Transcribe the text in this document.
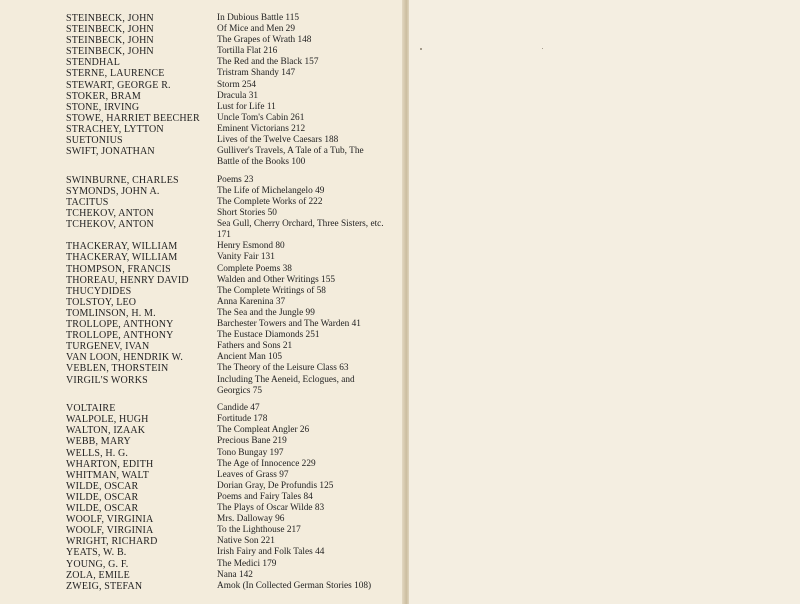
STEINBECK, JOHN	In Dubious Battle 115
STEINBECK, JOHN	Of Mice and Men 29
STEINBECK, JOHN	The Grapes of Wrath 148
STEINBECK, JOHN	Tortilla Flat 216
STENDHAL	The Red and the Black 157
STERNE, LAURENCE	Tristram Shandy 147
STEWART, GEORGE R.	Storm 254
STOKER, BRAM	Dracula 31
STONE, IRVING	Lust for Life 11
STOWE, HARRIET BEECHER	Uncle Tom's Cabin 261
STRACHEY, LYTTON	Eminent Victorians 212
SUETONIUS	Lives of the Twelve Caesars 188
SWIFT, JONATHAN	Gulliver's Travels, A Tale of a Tub, The Battle of the Books 100
SWINBURNE, CHARLES	Poems 23
SYMONDS, JOHN A.	The Life of Michelangelo 49
TACITUS	The Complete Works of 222
TCHEKOV, ANTON	Short Stories 50
TCHEKOV, ANTON	Sea Gull, Cherry Orchard, Three Sisters, etc. 171
THACKERAY, WILLIAM	Henry Esmond 80
THACKERAY, WILLIAM	Vanity Fair 131
THOMPSON, FRANCIS	Complete Poems 38
THOREAU, HENRY DAVID	Walden and Other Writings 155
THUCYDIDES	The Complete Writings of 58
TOLSTOY, LEO	Anna Karenina 37
TOMLINSON, H. M.	The Sea and the Jungle 99
TROLLOPE, ANTHONY	Barchester Towers and The Warden 41
TROLLOPE, ANTHONY	The Eustace Diamonds 251
TURGENEV, IVAN	Fathers and Sons 21
VAN LOON, HENDRIK W.	Ancient Man 105
VEBLEN, THORSTEIN	The Theory of the Leisure Class 63
VIRGIL'S WORKS	Including The Aeneid, Eclogues, and Georgics 75
VOLTAIRE	Candide 47
WALPOLE, HUGH	Fortitude 178
WALTON, IZAAK	The Compleat Angler 26
WEBB, MARY	Precious Bane 219
WELLS, H. G.	Tono Bungay 197
WHARTON, EDITH	The Age of Innocence 229
WHITMAN, WALT	Leaves of Grass 97
WILDE, OSCAR	Dorian Gray, De Profundis 125
WILDE, OSCAR	Poems and Fairy Tales 84
WILDE, OSCAR	The Plays of Oscar Wilde 83
WOOLF, VIRGINIA	Mrs. Dalloway 96
WOOLF, VIRGINIA	To the Lighthouse 217
WRIGHT, RICHARD	Native Son 221
YEATS, W. B.	Irish Fairy and Folk Tales 44
YOUNG, G. F.	The Medici 179
ZOLA, EMILE	Nana 142
ZWEIG, STEFAN	Amok (In Collected German Stories 108)
